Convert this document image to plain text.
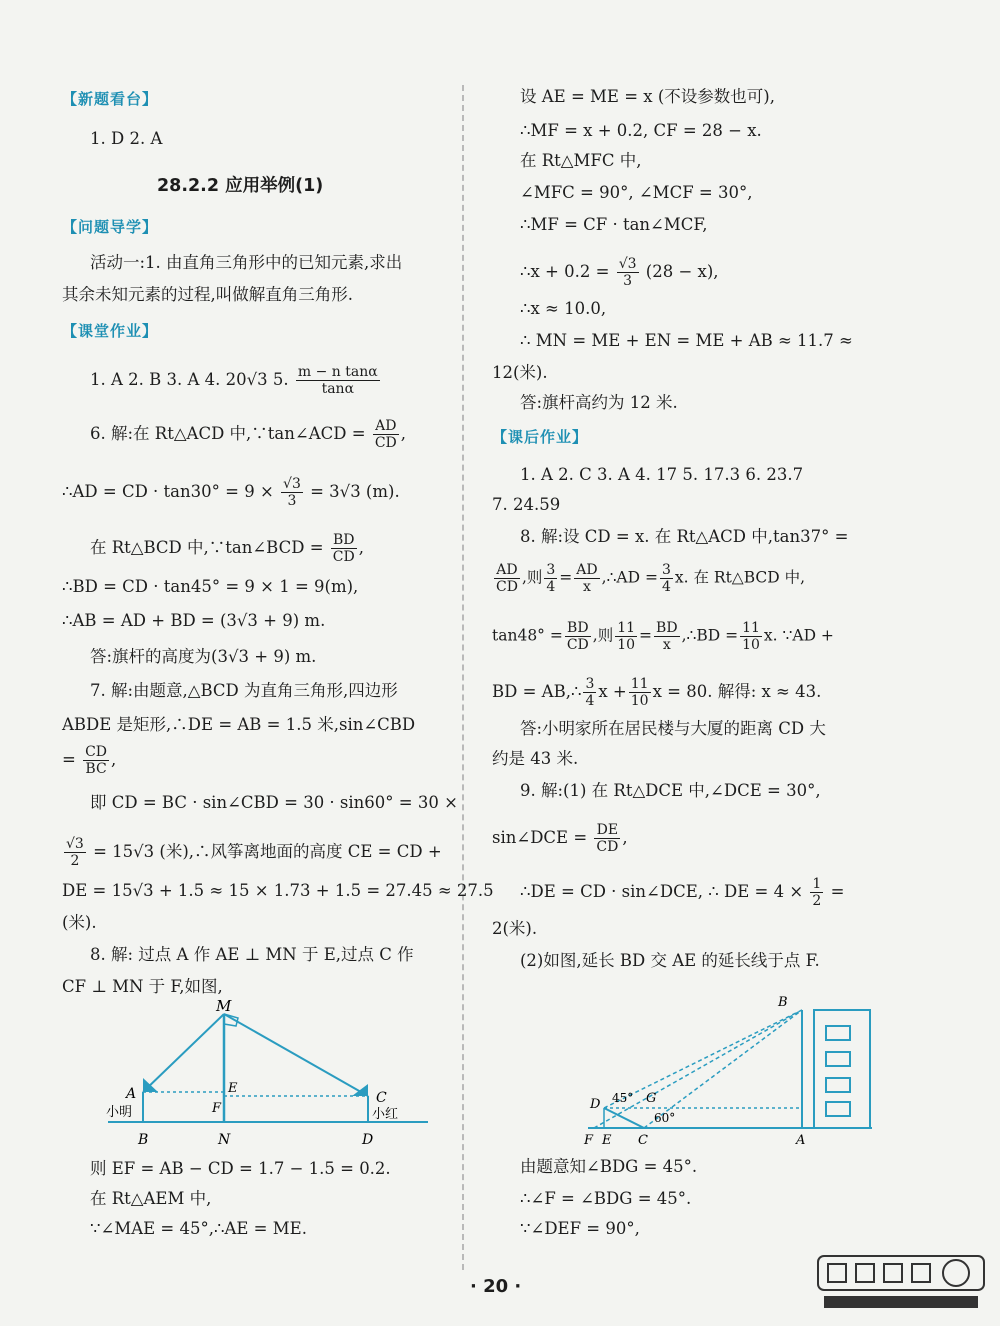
【新题看台】
1. D 2. A
28.2.2 应用举例(1)
【问题导学】
活动一:1. 由直角三角形中的已知元素,求出
其余未知元素的过程,叫做解直角三角形.
【课堂作业】
1. A 2. B 3. A 4. 20√3 5. $\frac{\text{m − n tanα}}{\tan\alpha}$
6. 解:在 Rt△ACD 中,∵tan∠ACD = $\frac{AD}{CD}$ ,
∴AD = CD · $\tan 30^\circ = 9 \times \frac{√3}{3} = 3√3$ (m).
在 Rt△BCD 中,∵tan∠BCD = $\frac{BD}{CD}$ ,
∴BD = CD · tan45° = 9 × 1 = 9(m),
∴AB = AD + BD = (3√3 + 9) m.
答:旗杆的高度为(3√3 + 9) m.
7. 解:由题意,△BCD 为直角三角形,四边形
ABDE 是矩形,∴DE = AB = 1.5 米,sin∠CBD
= $\frac{CD}{BC}$ ,
即 CD = BC · sin∠CBD = 30 · sin60° = 30 ×
$\frac{√3}{2} = 15√3$ (米),∴风筝离地面的高度 CE = CD +
DE = 15√3 + 1.5 ≈ 15 × 1.73 + 1.5 = 27.45 ≈ 27.5
(米).
8. 解: 过点 A 作 AE ⊥ MN 于 E,过点 C 作
CF ⊥ MN 于 F,如图,
M
A	E
F
C
小明	小红
B	N	D
则 EF = AB − CD = 1.7 − 1.5 = 0.2.
在 Rt△AEM 中,
∵∠MAE = 45°,∴AE = ME.
设 AE = ME = x (不设参数也可),
∴MF = x + 0.2, CF = 28 − x.
在 Rt△MFC 中,
∠MFC = 90°, ∠MCF = 30°,
∴MF = CF · tan∠MCF,
∴x + $0.2 = \frac{√3}{3} (28 - x)$,
∴x ≈ 10.0,
∴ MN = ME + EN = ME + AB ≈ 11.7 ≈
12(米).
答:旗杆高约为 12 米.
【课后作业】
1. A 2. C 3. A 4. 17 5. 17.3 6. 23.7
7. 24.59
8. 解:设 CD = x. 在 Rt△ACD 中,tan37° =
$\frac{AD}{CD}$ ,则 $\frac{3}{4} = \frac{AD}{x}$ ,∴AD = $\frac{3}{4} x$. 在 Rt△BCD 中,
$\tan 48^\circ = \frac{BD}{CD}$ ,则 $\frac{11}{10} = \frac{BD}{x}$ ,∴BD = $\frac{11}{10} x$. ∵AD +
BD = AB,∴ $\frac{3}{4}$ $x + \frac{11}{10}$ x = 80. 解得: x ≈ 43.
答:小明家所在居民楼与大厦的距离 CD 大
约是 43 米.
9. 解:(1) 在 Rt△DCE 中,∠DCE = 30°,
sin∠DCE = $\frac{DE}{CD}$ ,
∴DE = CD · sin∠DCE, ∴ DE = $4 \times \frac{1}{2}$ =
2(米).
(2)如图,延长 BD 交 AE 的延长线于点 F.
B
D	G
45°
60°
F E C	A
由题意知∠BDG = 45°.
∴∠F = ∠BDG = 45°.
∵∠DEF = 90°,
· 20 ·
